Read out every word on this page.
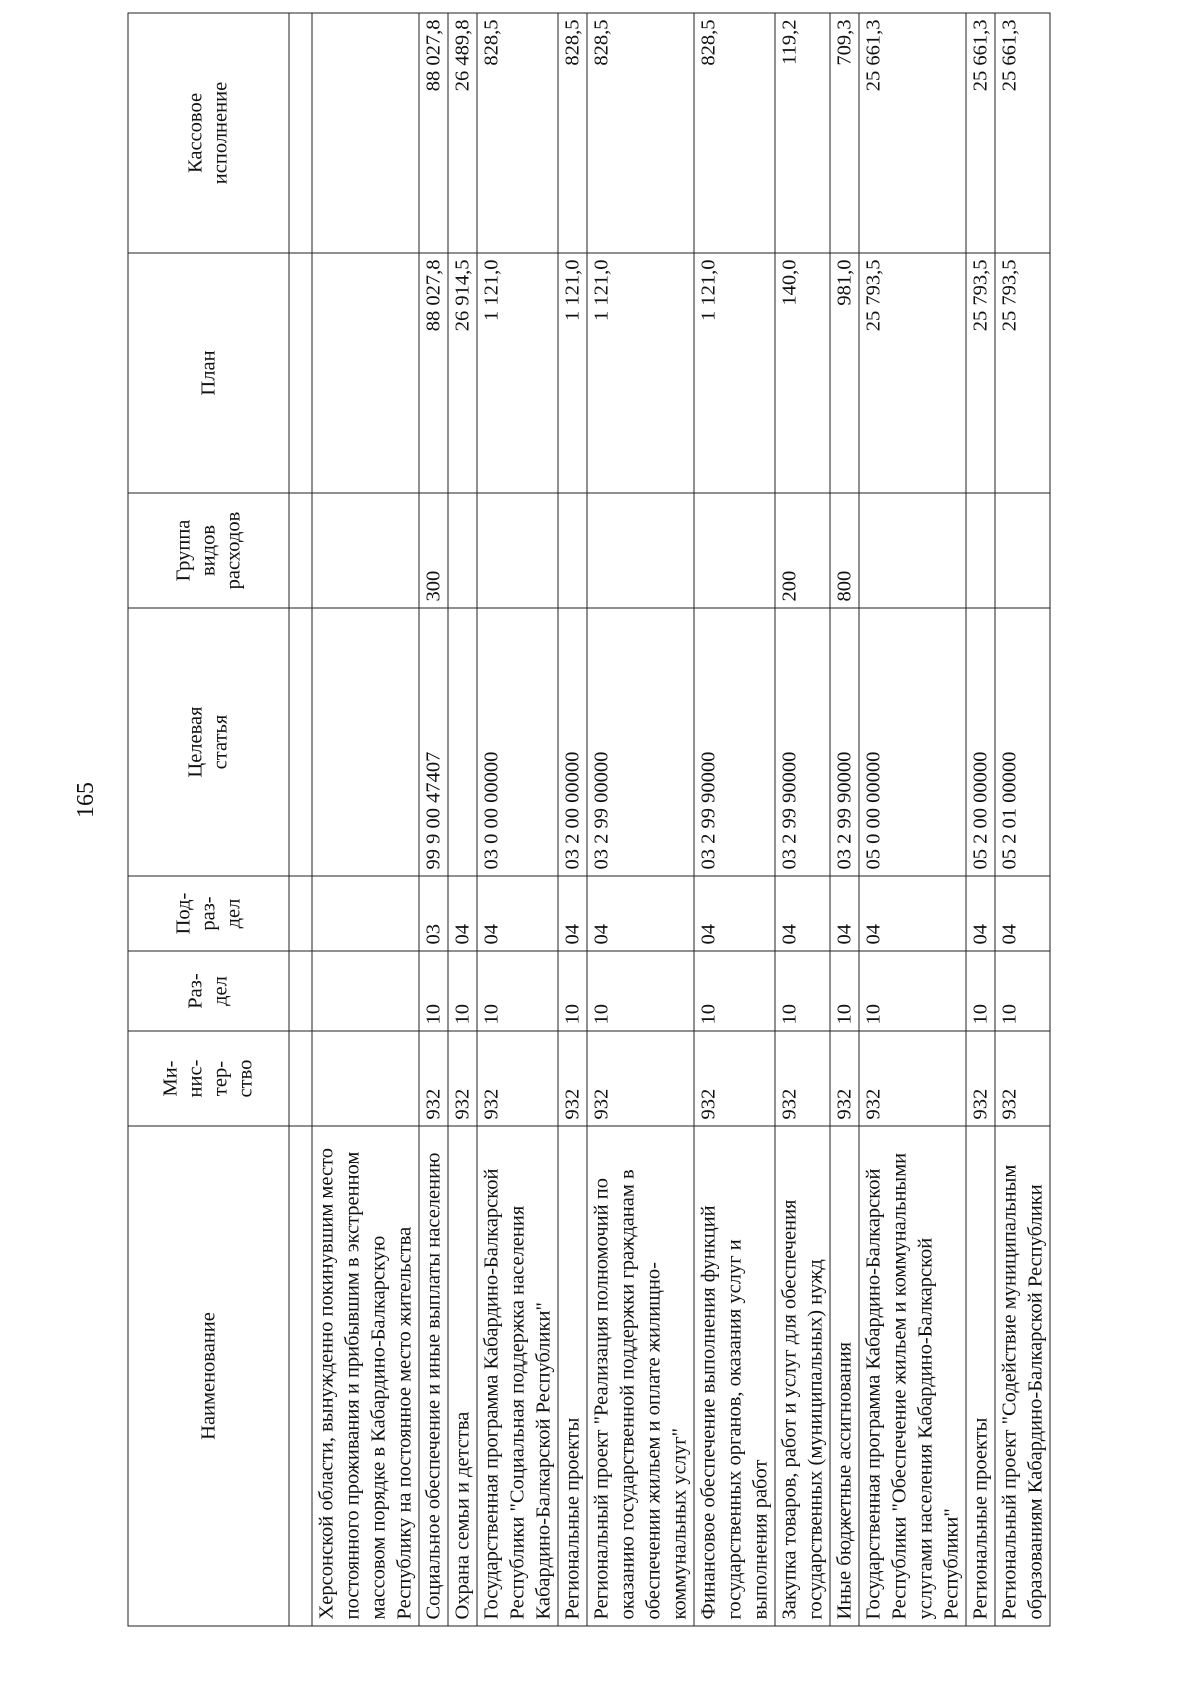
165
Наименование	Ми- нис- тер- ство	Раз- дел	Под- раз- дел	Целевая статья	Группа видов расходов	План	Кассовое исполнение

Херсонской области, вынужденно покинувшим место постоянного проживания и прибывшим в экстренном массовом порядке в Кабардино-Балкарскую Республику на постоянное место жительства							
Социальное обеспечение и иные выплаты населению	932	10	03	99 9 00 47407	300	88 027,8	88 027,8
Охрана семьи и детства	932	10	04			26 914,5	26 489,8
Государственная программа Кабардино-Балкарской Республики "Социальная поддержка населения Кабардино-Балкарской Республики"	932	10	04	03 0 00 00000		1 121,0	828,5
Региональные проекты	932	10	04	03 2 00 00000		1 121,0	828,5
Региональный проект "Реализация полномочий по оказанию государственной поддержки гражданам в обеспечении жильем и оплате жилищно-коммунальных услуг"	932	10	04	03 2 99 00000		1 121,0	828,5
Финансовое обеспечение выполнения функций государственных органов, оказания услуг и выполнения работ	932	10	04	03 2 99 90000		1 121,0	828,5
Закупка товаров, работ и услуг для обеспечения государственных (муниципальных) нужд	932	10	04	03 2 99 90000	200	140,0	119,2
Иные бюджетные ассигнования	932	10	04	03 2 99 90000	800	981,0	709,3
Государственная программа Кабардино-Балкарской Республики "Обеспечение жильем и коммунальными услугами населения Кабардино-Балкарской Республики"	932	10	04	05 0 00 00000		25 793,5	25 661,3
Региональные проекты	932	10	04	05 2 00 00000		25 793,5	25 661,3
Региональный проект "Содействие муниципальным образованиям Кабардино-Балкарской Республики	932	10	04	05 2 01 00000		25 793,5	25 661,3
